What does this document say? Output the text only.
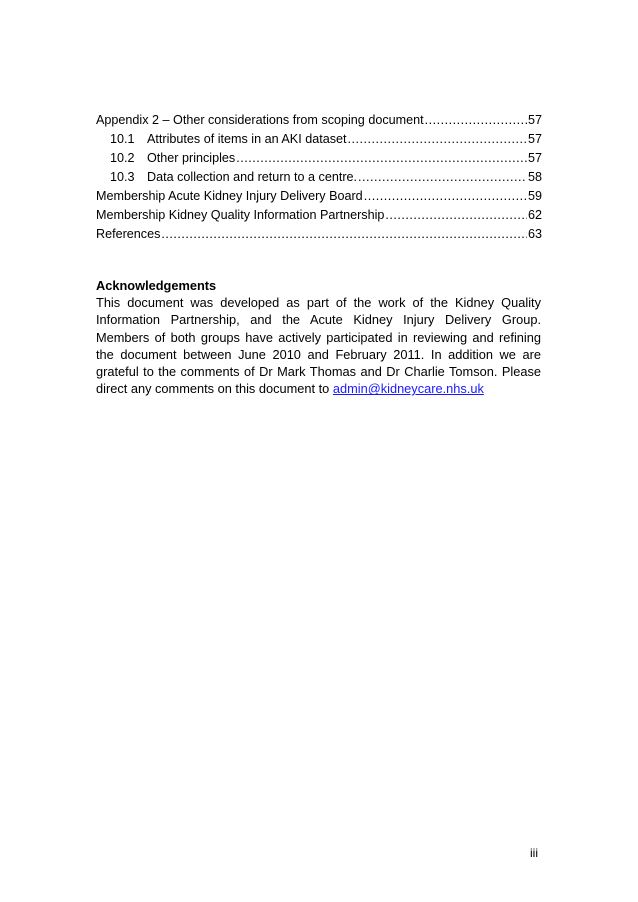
Appendix 2 – Other considerations from scoping document .....	57
10.1 Attributes of items in an AKI dataset .....	57
10.2 Other principles .....	57
10.3 Data collection and return to a centre. .....	58
Membership Acute Kidney Injury Delivery Board .....	59
Membership Kidney Quality Information Partnership .....	62
References .....	63

Acknowledgements

This document was developed as part of the work of the Kidney Quality Information Partnership, and the Acute Kidney Injury Delivery Group. Members of both groups have actively participated in reviewing and refining the document between June 2010 and February 2011. In addition we are grateful to the comments of Dr Mark Thomas and Dr Charlie Tomson. Please direct any comments on this document to admin@kidneycare.nhs.uk

iii
